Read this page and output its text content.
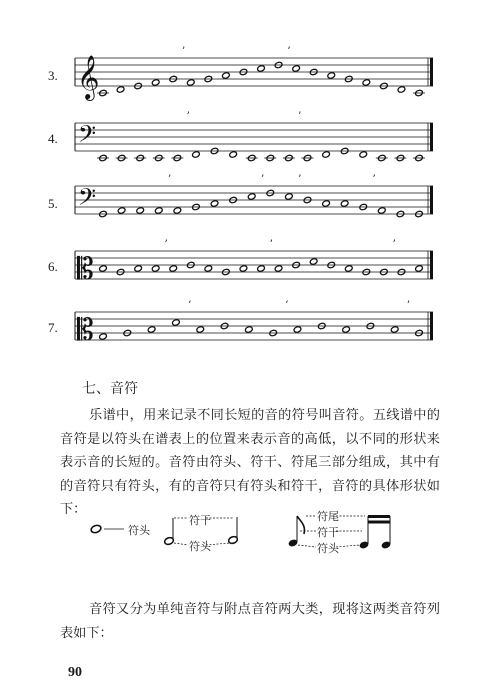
𝄞
’	’
𝄢
’	’
𝄢
’	’	’	’
𝄡
’	’	’
𝄡
’	’	’
3.
4.
5.
6.
7.
七、音符

乐谱中，用来记录不同长短的音的符号叫音符。五线谱中的音符是以符头在谱表上的位置来表示音的高低，以不同的形状来表示音的长短的。音符由符头、符干、符尾三部分组成，其中有的音符只有符头，有的音符只有符头和符干，音符的具体形状如下：

符头
符干
符头
符尾
符干
符头

音符又分为单纯音符与附点音符两大类，现将这两类音符列表如下：

90
